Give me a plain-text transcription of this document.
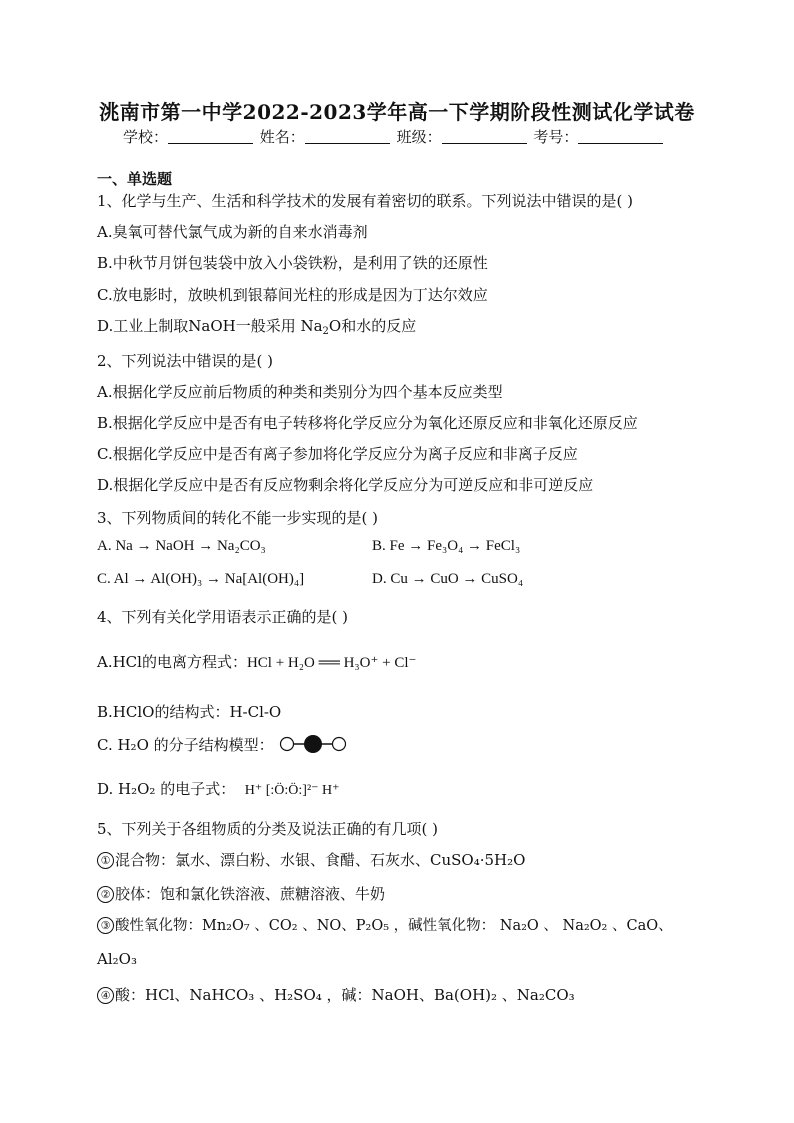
洮南市第一中学2022-2023学年高一下学期阶段性测试化学试卷
学校：	姓名：	班级：	考号：
一、单选题
1、化学与生产、生活和科学技术的发展有着密切的联系。下列说法中错误的是( )
A.臭氧可替代氯气成为新的自来水消毒剂
B.中秋节月饼包装袋中放入小袋铁粉，是利用了铁的还原性
C.放电影时，放映机到银幕间光柱的形成是因为丁达尔效应
D.工业上制取NaOH一般采用 $Na_2O$和水的反应
2、下列说法中错误的是( )
A.根据化学反应前后物质的种类和类别分为四个基本反应类型
B.根据化学反应中是否有电子转移将化学反应分为氧化还原反应和非氧化还原反应
C.根据化学反应中是否有离子参加将化学反应分为离子反应和非离子反应
D.根据化学反应中是否有反应物剩余将化学反应分为可逆反应和非可逆反应
3、下列物质间的转化不能一步实现的是( )
A. Na → NaOH → Na₂CO₃	B. Fe → Fe₃O₄ → FeCl₃
C. Al → Al(OH)₃ → Na[Al(OH)₄]	D. Cu → CuO → CuSO₄
4、下列有关化学用语表示正确的是( )
A.HCl的电离方程式：HCl + H₂O ══ H₃O⁺ + Cl⁻
B.HClO的结构式：H-Cl-O
C. H₂O 的分子结构模型：
D. H₂O₂ 的电子式： H⁺ [:Ö:Ö:]²⁻ H⁺
5、下列关于各组物质的分类及说法正确的有几项( )
① 混合物：氯水、漂白粉、水银、食醋、石灰水、CuSO₄·5H₂O
② 胶体：饱和氯化铁溶液、蔗糖溶液、牛奶
③ 酸性氧化物：Mn₂O₇ 、CO₂ 、NO、P₂O₅ ，碱性氧化物： Na₂O 、 Na₂O₂ 、CaO、
Al₂O₃
④ 酸：HCl、NaHCO₃ 、H₂SO₄ ，碱：NaOH、Ba(OH)₂ 、Na₂CO₃
